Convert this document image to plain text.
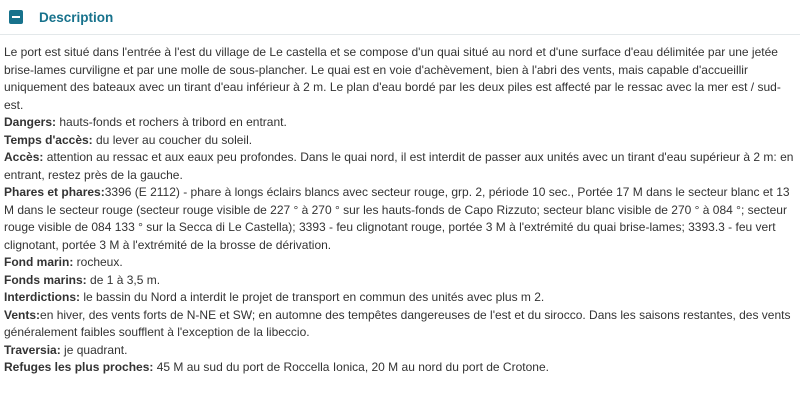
Description

Le port est situé dans l'entrée à l'est du village de Le castella et se compose d'un quai situé au nord et d'une surface d'eau délimitée par une jetée brise-lames curviligne et par une molle de sous-plancher. Le quai est en voie d'achèvement, bien à l'abri des vents, mais capable d'accueillir uniquement des bateaux avec un tirant d'eau inférieur à 2 m. Le plan d'eau bordé par les deux piles est affecté par le ressac avec la mer est / sud-est.

Dangers: hauts-fonds et rochers à tribord en entrant.

Temps d'accès: du lever au coucher du soleil.

Accès: attention au ressac et aux eaux peu profondes. Dans le quai nord, il est interdit de passer aux unités avec un tirant d'eau supérieur à 2 m: en entrant, restez près de la gauche.

Phares et phares:3396 (E 2112) - phare à longs éclairs blancs avec secteur rouge, grp. 2, période 10 sec., Portée 17 M dans le secteur blanc et 13 M dans le secteur rouge (secteur rouge visible de 227 ° à 270 ° sur les hauts-fonds de Capo Rizzuto; secteur blanc visible de 270 ° à 084 °; secteur rouge visible de 084 133 ° sur la Secca di Le Castella); 3393 - feu clignotant rouge, portée 3 M à l'extrémité du quai brise-lames; 3393.3 - feu vert clignotant, portée 3 M à l'extrémité de la brosse de dérivation.

Fond marin: rocheux.

Fonds marins: de 1 à 3,5 m.

Interdictions: le bassin du Nord a interdit le projet de transport en commun des unités avec plus m 2.

Vents:en hiver, des vents forts de N-NE et SW; en automne des tempêtes dangereuses de l'est et du sirocco. Dans les saisons restantes, des vents généralement faibles soufflent à l'exception de la libeccio.

Traversia: je quadrant.

Refuges les plus proches: 45 M au sud du port de Roccella Ionica, 20 M au nord du port de Crotone.
